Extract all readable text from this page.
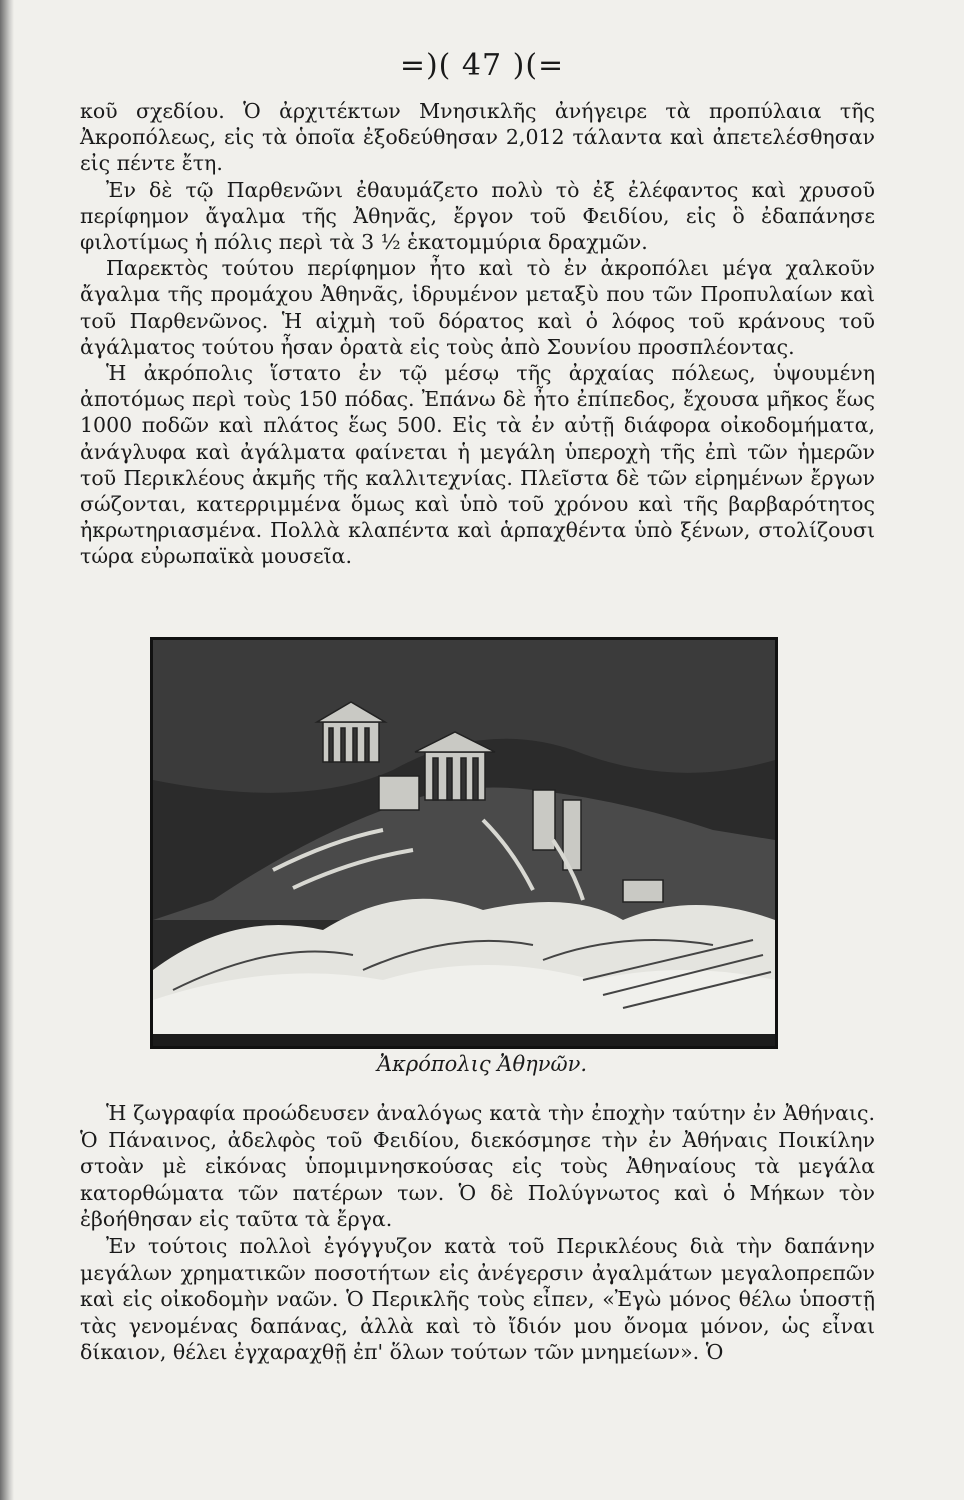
=)( 47 )(=

κοῦ σχεδίου. Ὁ ἀρχιτέκτων Μνησικλῆς ἀνήγειρε τὰ προπύλαια τῆς Ἀκροπόλεως, εἰς τὰ ὁποῖα ἐξοδεύθησαν 2,012 τάλαντα καὶ ἀπετελέσθησαν εἰς πέντε ἔτη.

Ἐν δὲ τῷ Παρθενῶνι ἐθαυμάζετο πολὺ τὸ ἐξ ἐλέφαντος καὶ χρυσοῦ περίφημον ἄγαλμα τῆς Ἀθηνᾶς, ἔργον τοῦ Φειδίου, εἰς ὃ ἐδαπάνησε φιλοτίμως ἡ πόλις περὶ τὰ 3 ½ ἑκατομμύρια δραχμῶν.

Παρεκτὸς τούτου περίφημον ἦτο καὶ τὸ ἐν ἀκροπόλει μέγα χαλκοῦν ἄγαλμα τῆς προμάχου Ἀθηνᾶς, ἱδρυμένον μεταξὺ που τῶν Προπυλαίων καὶ τοῦ Παρθενῶνος. Ἡ αἰχμὴ τοῦ δόρατος καὶ ὁ λόφος τοῦ κράνους τοῦ ἀγάλματος τούτου ἦσαν ὁρατὰ εἰς τοὺς ἀπὸ Σουνίου προσπλέοντας.

Ἡ ἀκρόπολις ἵστατο ἐν τῷ μέσῳ τῆς ἀρχαίας πόλεως, ὑψουμένη ἀποτόμως περὶ τοὺς 150 πόδας. Ἐπάνω δὲ ἦτο ἐπίπεδος, ἔχουσα μῆκος ἕως 1000 ποδῶν καὶ πλάτος ἕως 500. Εἰς τὰ ἐν αὐτῇ διάφορα οἰκοδομήματα, ἀνάγλυφα καὶ ἀγάλματα φαίνεται ἡ μεγάλη ὑπεροχὴ τῆς ἐπὶ τῶν ἡμερῶν τοῦ Περικλέους ἀκμῆς τῆς καλλιτεχνίας. Πλεῖστα δὲ τῶν εἰρημένων ἔργων σώζονται, κατερριμμένα ὅμως καὶ ὑπὸ τοῦ χρόνου καὶ τῆς βαρβαρότητος ἠκρωτηριασμένα. Πολλὰ κλαπέντα καὶ ἁρπαχθέντα ὑπὸ ξένων, στολίζουσι τώρα εὐρωπαϊκὰ μουσεῖα.

Ἀκρόπολις Ἀθηνῶν.

Ἡ ζωγραφία προώδευσεν ἀναλόγως κατὰ τὴν ἐποχὴν ταύτην ἐν Ἀθήναις. Ὁ Πάναινος, ἀδελφὸς τοῦ Φειδίου, διεκόσμησε τὴν ἐν Ἀθήναις Ποικίλην στοὰν μὲ εἰκόνας ὑπομιμνησκούσας εἰς τοὺς Ἀθηναίους τὰ μεγάλα κατορθώματα τῶν πατέρων των. Ὁ δὲ Πολύγνωτος καὶ ὁ Μήκων τὸν ἐβοήθησαν εἰς ταῦτα τὰ ἔργα.

Ἐν τούτοις πολλοὶ ἐγόγγυζον κατὰ τοῦ Περικλέους διὰ τὴν δαπάνην μεγάλων χρηματικῶν ποσοτήτων εἰς ἀνέγερσιν ἀγαλμάτων μεγαλοπρεπῶν καὶ εἰς οἰκοδομὴν ναῶν. Ὁ Περικλῆς τοὺς εἶπεν, «Ἐγὼ μόνος θέλω ὑποστῇ τὰς γενομένας δαπάνας, ἀλλὰ καὶ τὸ ἴδιόν μου ὄνομα μόνον, ὡς εἶναι δίκαιον, θέλει ἐγχαραχθῇ ἐπ' ὅλων τούτων τῶν μνημείων». Ὁ
